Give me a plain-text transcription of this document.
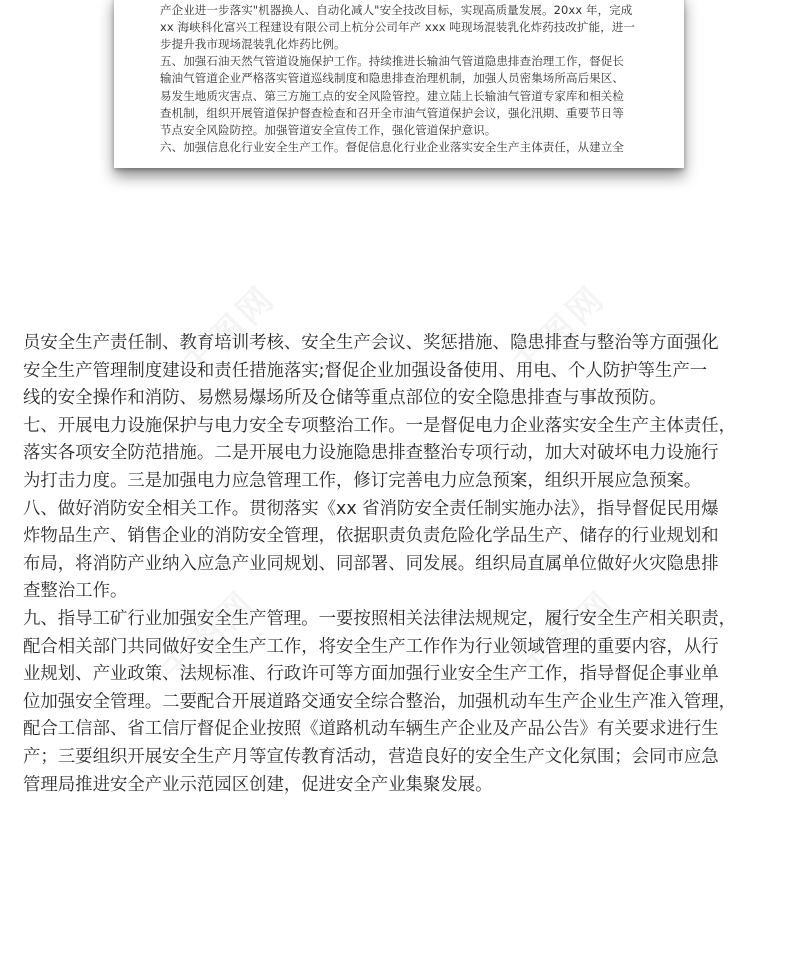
产企业进一步落实"机器换人、自动化减人"安全技改目标，实现高质量发展。20xx 年，完成
xx 海峡科化富兴工程建设有限公司上杭分公司年产 xxx 吨现场混装乳化炸药技改扩能，进一
步提升我市现场混装乳化炸药比例。
五、加强石油天然气管道设施保护工作。持续推进长输油气管道隐患排查治理工作，督促长
输油气管道企业严格落实管道巡线制度和隐患排查治理机制，加强人员密集场所高后果区、
易发生地质灾害点、第三方施工点的安全风险管控。建立陆上长输油气管道专家库和相关检
查机制，组织开展管道保护督查检查和召开全市油气管道保护会议，强化汛期、重要节日等
节点安全风险防控。加强管道安全宣传工作，强化管道保护意识。
六、加强信息化行业安全生产工作。督促信息化行业企业落实安全生产主体责任，从建立全
千图网	千图网
千图网	千图网
员安全生产责任制、教育培训考核、安全生产会议、奖惩措施、隐患排查与整治等方面强化
安全生产管理制度建设和责任措施落实;督促企业加强设备使用、用电、个人防护等生产一
线的安全操作和消防、易燃易爆场所及仓储等重点部位的安全隐患排查与事故预防。
七、开展电力设施保护与电力安全专项整治工作。一是督促电力企业落实安全生产主体责任，
落实各项安全防范措施。二是开展电力设施隐患排查整治专项行动，加大对破坏电力设施行
为打击力度。三是加强电力应急管理工作，修订完善电力应急预案，组织开展应急预案。
八、做好消防安全相关工作。贯彻落实《xx 省消防安全责任制实施办法》，指导督促民用爆
炸物品生产、销售企业的消防安全管理，依据职责负责危险化学品生产、储存的行业规划和
布局，将消防产业纳入应急产业同规划、同部署、同发展。组织局直属单位做好火灾隐患排
查整治工作。
九、指导工矿行业加强安全生产管理。一要按照相关法律法规规定，履行安全生产相关职责，
配合相关部门共同做好安全生产工作，将安全生产工作作为行业领域管理的重要内容，从行
业规划、产业政策、法规标准、行政许可等方面加强行业安全生产工作，指导督促企事业单
位加强安全管理。二要配合开展道路交通安全综合整治，加强机动车生产企业生产准入管理，
配合工信部、省工信厅督促企业按照《道路机动车辆生产企业及产品公告》有关要求进行生
产；三要组织开展安全生产月等宣传教育活动，营造良好的安全生产文化氛围；会同市应急
管理局推进安全产业示范园区创建，促进安全产业集聚发展。
